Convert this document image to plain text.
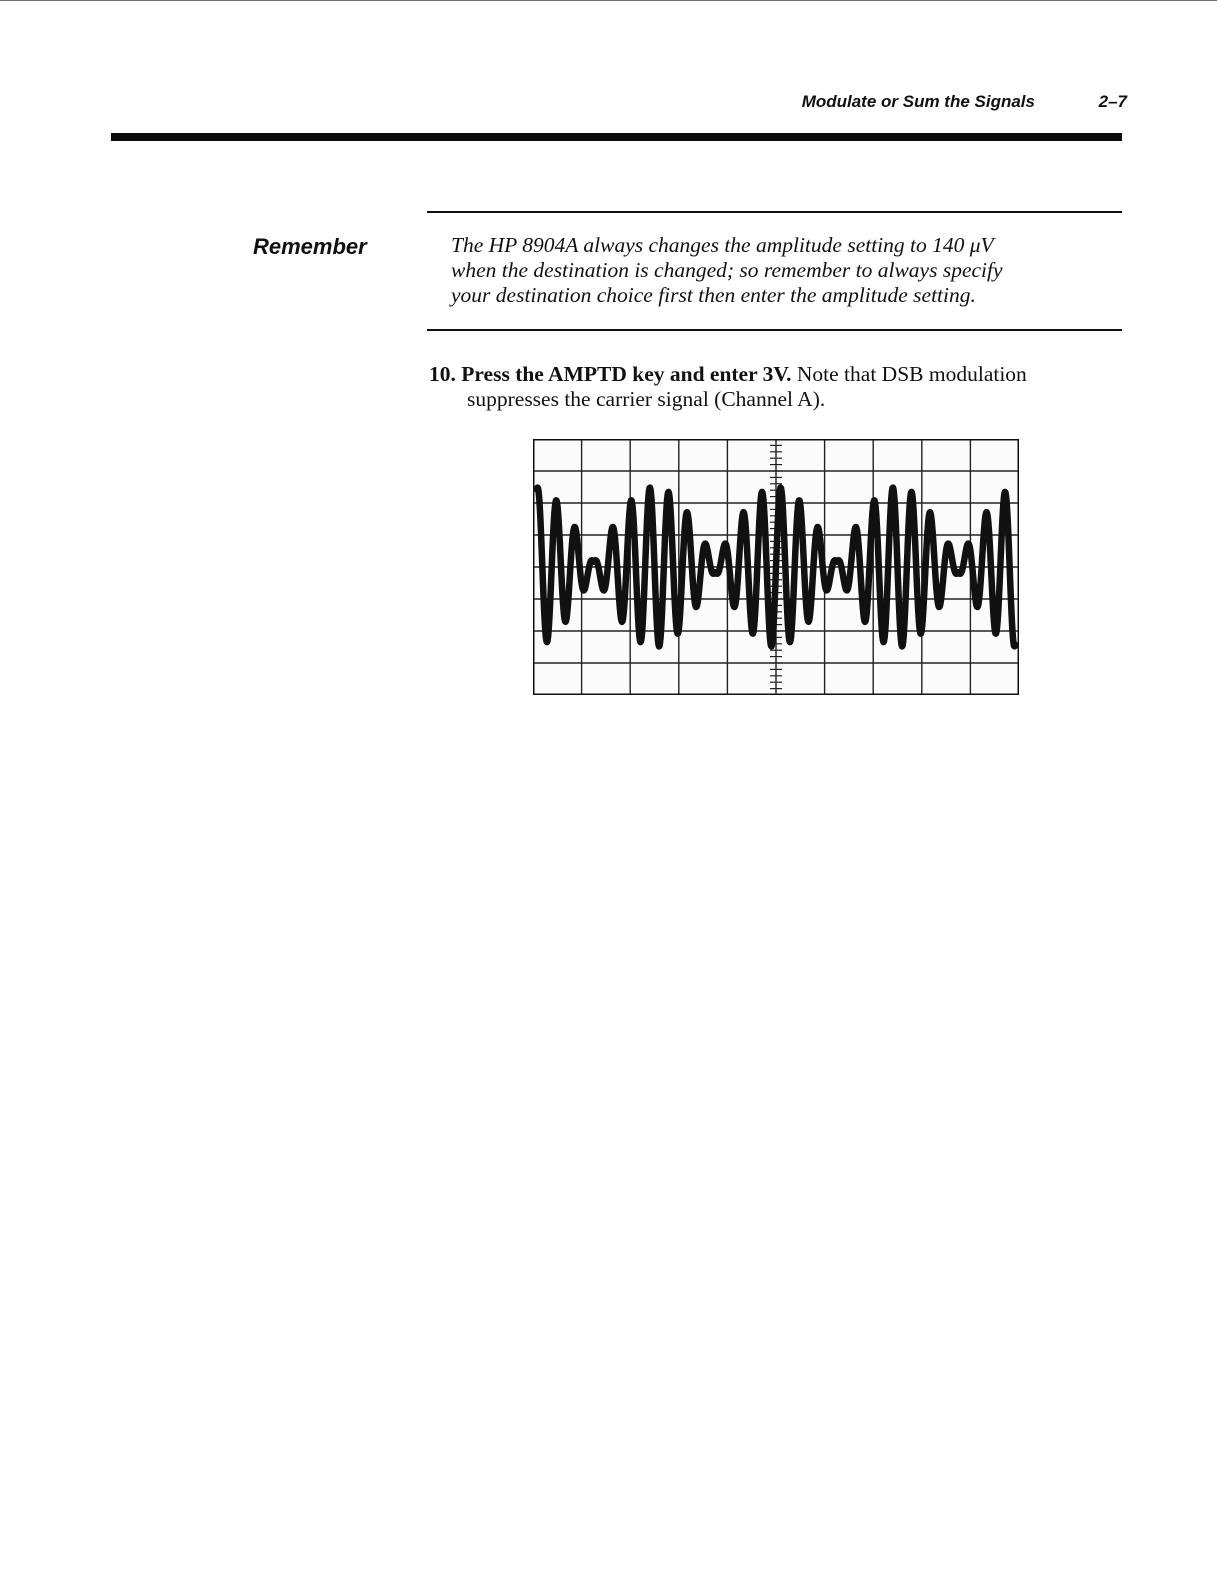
Modulate or Sum the Signals	2–7
Remember	The HP 8904A always changes the amplitude setting to 140 μV
when the destination is changed; so remember to always specify
your destination choice first then enter the amplitude setting.
10. Press the AMPTD key and enter 3V. Note that DSB modulation
suppresses the carrier signal (Channel A).
